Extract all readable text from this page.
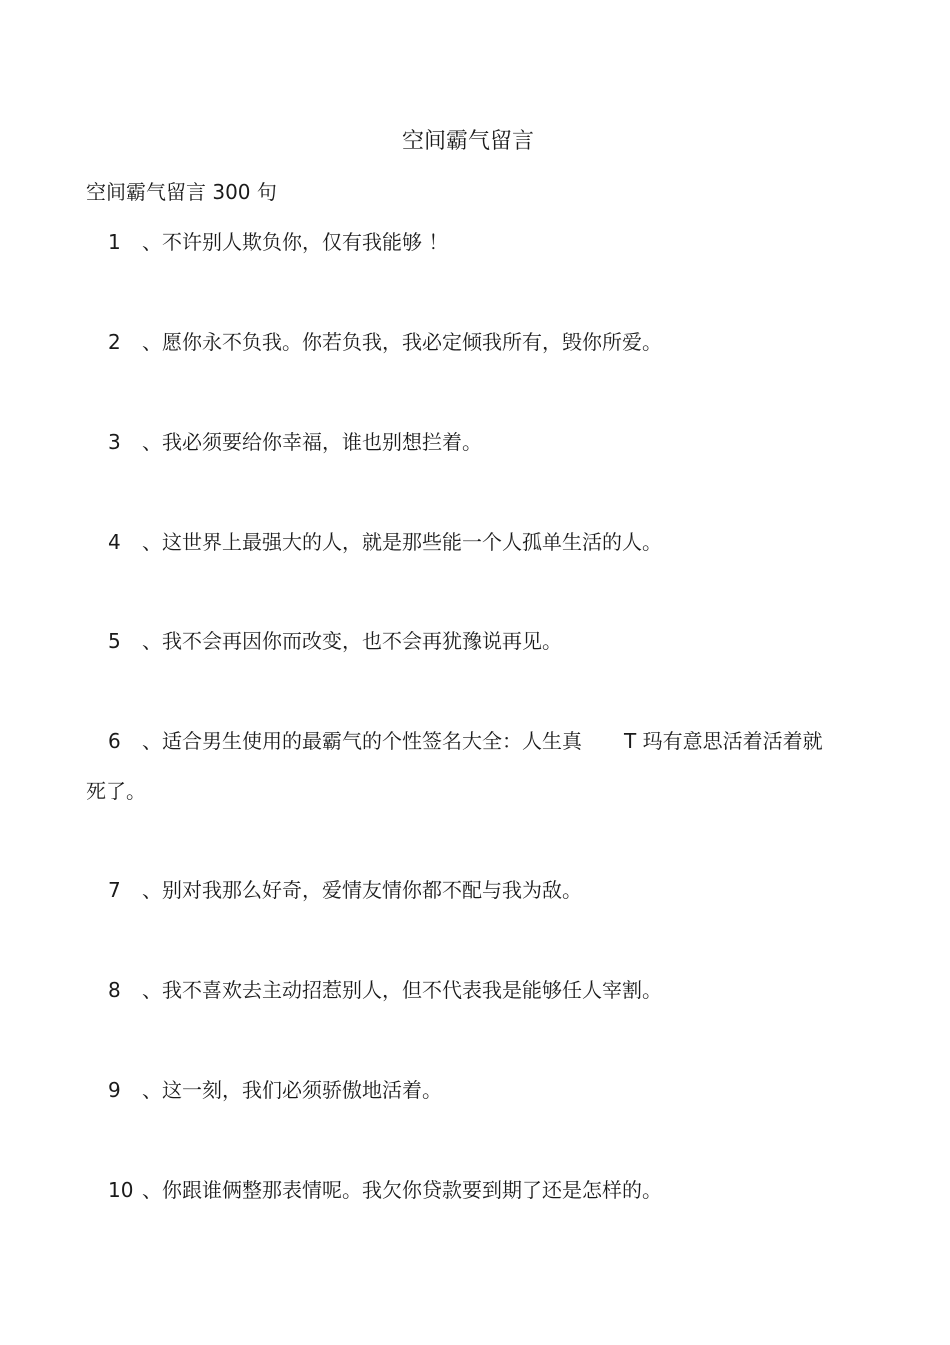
空间霸气留言
空间霸气留言 300 句
1 、不许别人欺负你，仅有我能够 ！
2 、愿你永不负我。你若负我，我必定倾我所有，毁你所爱。
3 、我必须要给你幸福，谁也别想拦着。
4 、这世界上最强大的人，就是那些能一个人孤单生活的人。
5 、我不会再因你而改变，也不会再犹豫说再见。
6 、适合男生使用的最霸气的个性签名大全：人生真 T 玛有意思活着活着就
死了。
7 、别对我那么好奇，爱情友情你都不配与我为敌。
8 、我不喜欢去主动招惹别人，但不代表我是能够任人宰割。
9 、这一刻，我们必须骄傲地活着。
10 、你跟谁俩整那表情呢。我欠你贷款要到期了还是怎样的。
